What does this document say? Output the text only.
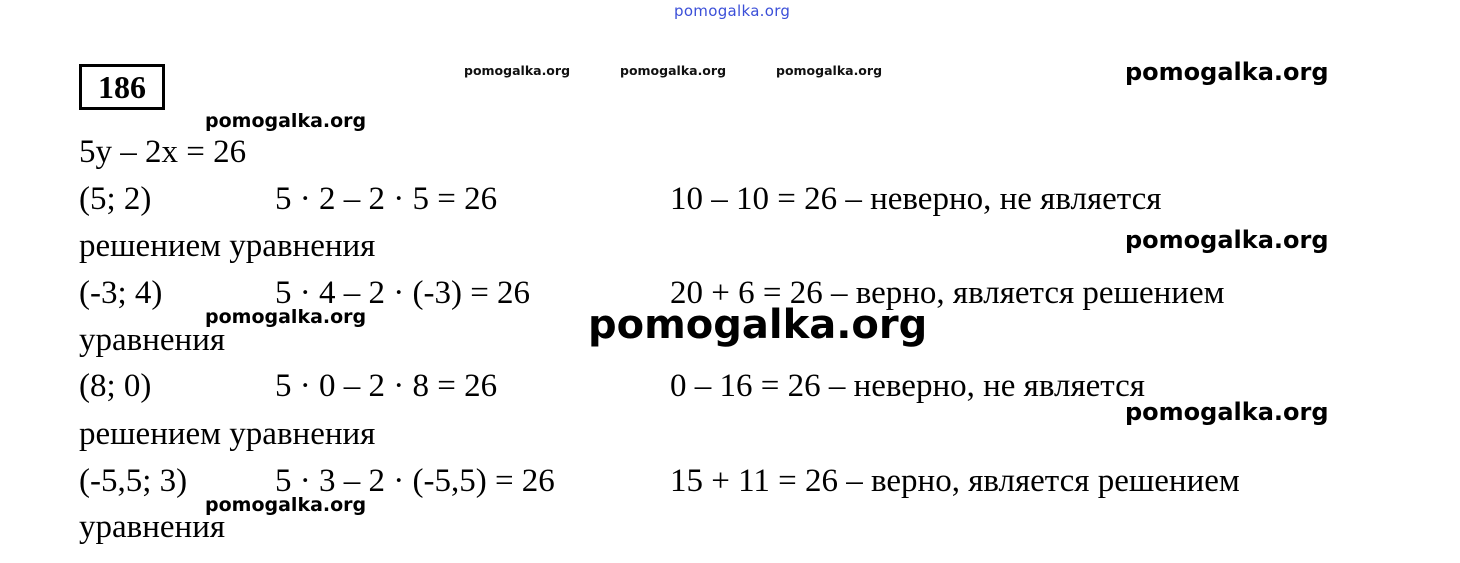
pomogalka.org
pomogalka.org	pomogalka.org	pomogalka.org	pomogalka.org
pomogalka.org
pomogalka.org
pomogalka.org
pomogalka.org
pomogalka.org
186
5y – 2x = 26
(5; 2)	5 · 2 – 2 · 5 = 26	10 – 10 = 26 – неверно, не является
решением уравнения
(-3; 4)	5 · 4 – 2 · (-3) = 26	20 + 6 = 26 – верно, является решением
уравнения	pomogalka.org
(8; 0)	5 · 0 – 2 · 8 = 26	0 – 16 = 26 – неверно, не является
решением уравнения
(-5,5; 3)	5 · 3 – 2 · (-5,5) = 26	15 + 11 = 26 – верно, является решением
уравнения
